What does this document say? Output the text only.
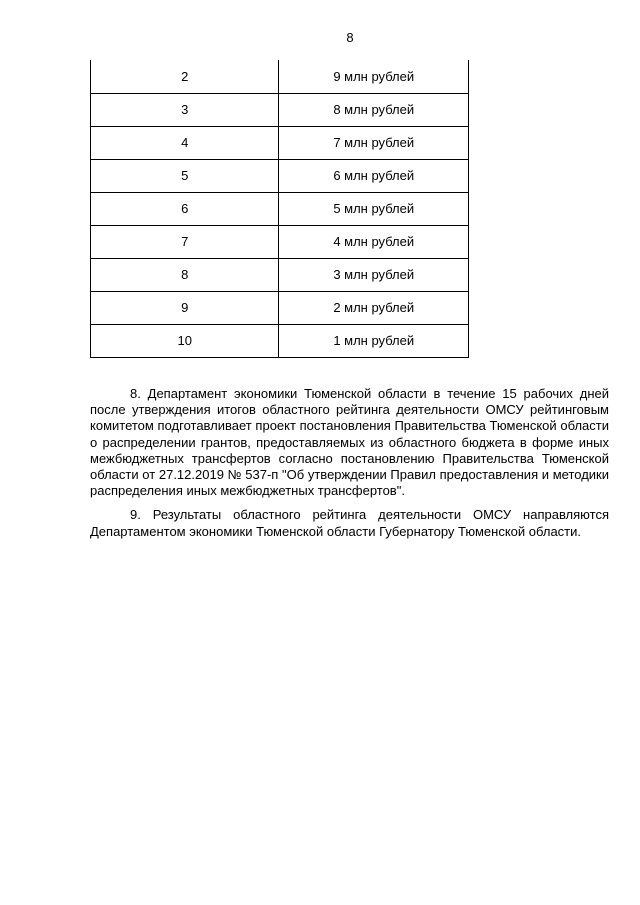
8
2	9 млн рублей
3	8 млн рублей
4	7 млн рублей
5	6 млн рублей
6	5 млн рублей
7	4 млн рублей
8	3 млн рублей
9	2 млн рублей
10	1 млн рублей

8. Департамент экономики Тюменской области в течение 15 рабочих дней после утверждения итогов областного рейтинга деятельности ОМСУ рейтинговым комитетом подготавливает проект постановления Правительства Тюменской области о распределении грантов, предоставляемых из областного бюджета в форме иных межбюджетных трансфертов согласно постановлению Правительства Тюменской области от 27.12.2019 № 537-п "Об утверждении Правил предоставления и методики распределения иных межбюджетных трансфертов".

9. Результаты областного рейтинга деятельности ОМСУ направляются Департаментом экономики Тюменской области Губернатору Тюменской области.
